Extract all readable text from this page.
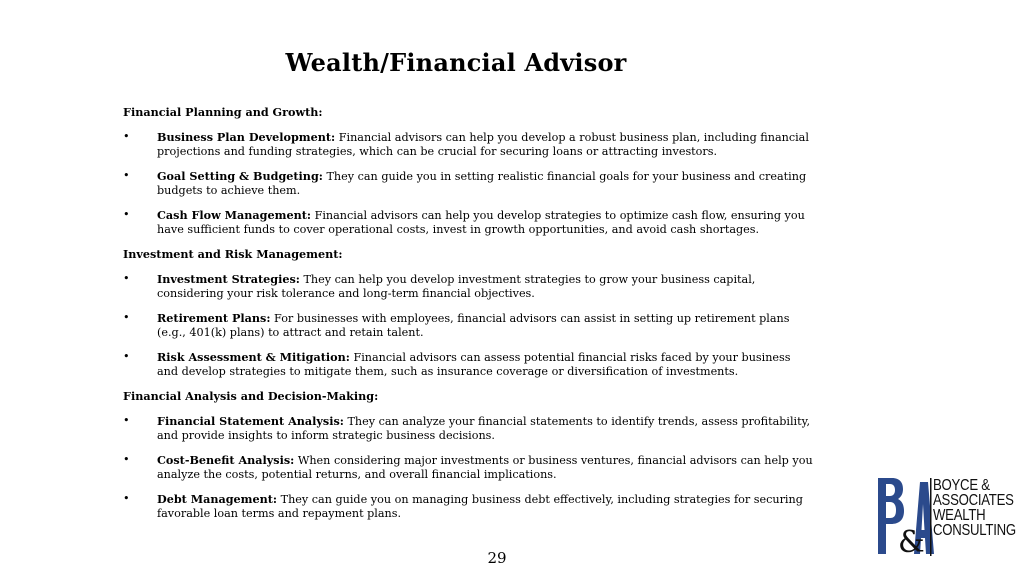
Wealth/Financial Advisor
Financial Planning and Growth:
• Business Plan Development: Financial advisors can help you develop a robust business plan, including financial projections and funding strategies, which can be crucial for securing loans or attracting investors.
• Goal Setting & Budgeting: They can guide you in setting realistic financial goals for your business and creating budgets to achieve them.
• Cash Flow Management: Financial advisors can help you develop strategies to optimize cash flow, ensuring you have sufficient funds to cover operational costs, invest in growth opportunities, and avoid cash shortages.
Investment and Risk Management:
• Investment Strategies: They can help you develop investment strategies to grow your business capital, considering your risk tolerance and long-term financial objectives.
• Retirement Plans: For businesses with employees, financial advisors can assist in setting up retirement plans (e.g., 401(k) plans) to attract and retain talent.
• Risk Assessment & Mitigation: Financial advisors can assess potential financial risks faced by your business and develop strategies to mitigate them, such as insurance coverage or diversification of investments.
Financial Analysis and Decision-Making:
• Financial Statement Analysis: They can analyze your financial statements to identify trends, assess profitability, and provide insights to inform strategic business decisions.
• Cost-Benefit Analysis: When considering major investments or business ventures, financial advisors can help you analyze the costs, potential returns, and overall financial implications.
• Debt Management: They can guide you on managing business debt effectively, including strategies for securing favorable loan terms and repayment plans.
29	&
BOYCE &
ASSOCIATES
WEALTH
CONSULTING
